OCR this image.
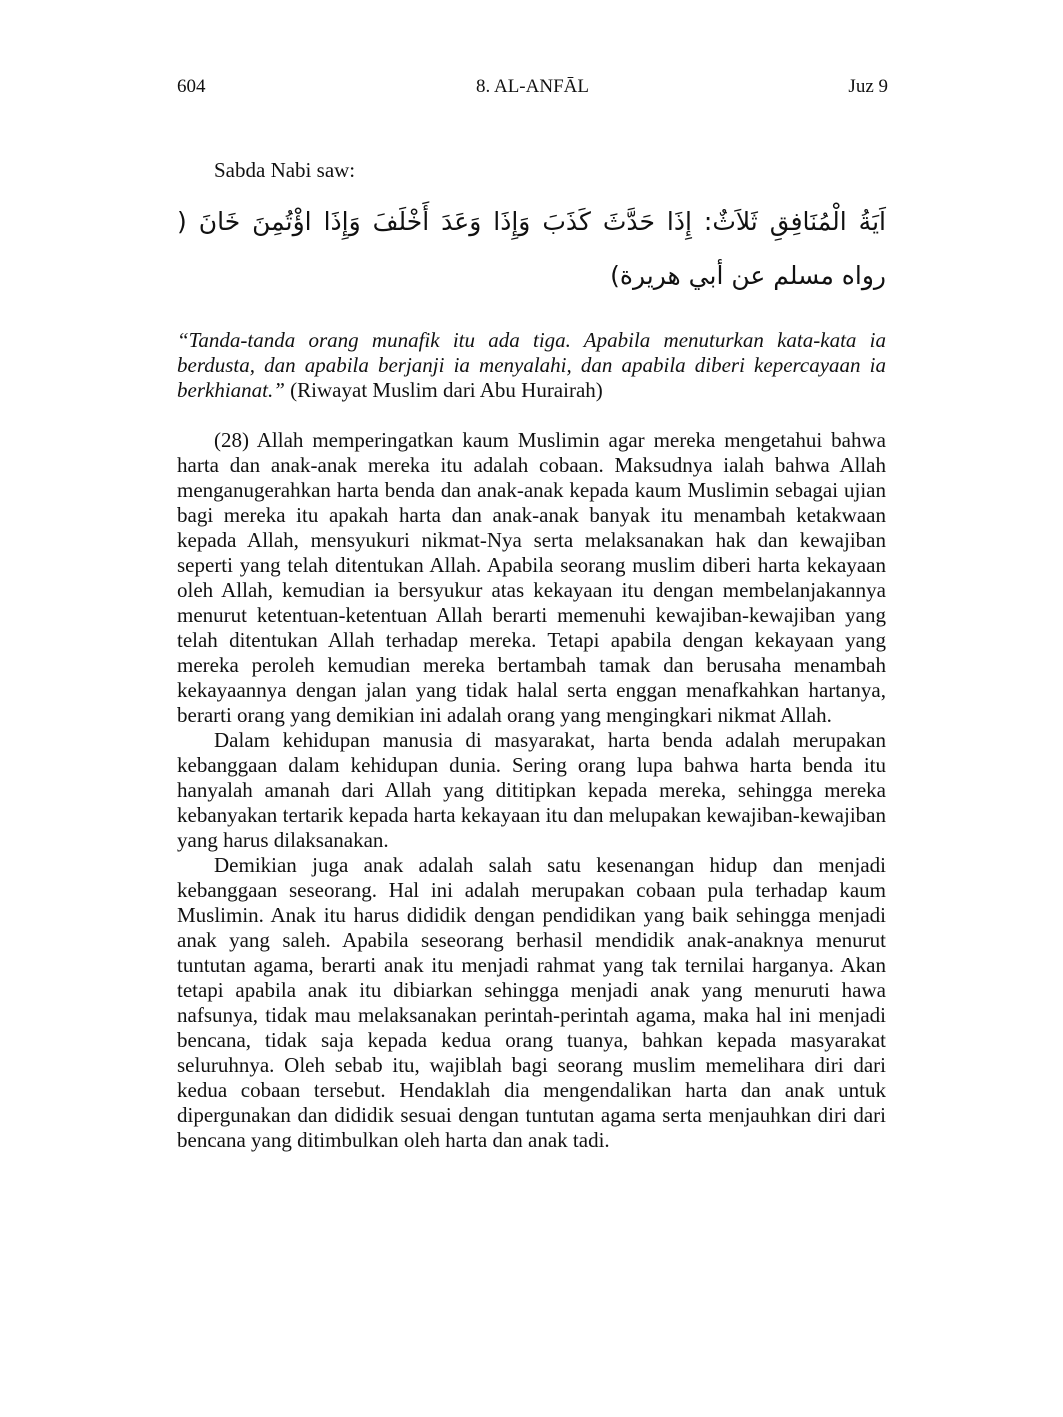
604	8. AL-ANFĀL	Juz 9

Sabda Nabi saw:

اَيَةُ الْمُنَافِقِ ثَلاَثٌ: إِذَا حَدَّثَ كَذَبَ وَإِذَا وَعَدَ أَخْلَفَ وَإِذَا اؤْتُمِنَ خَانَ ( رواه مسلم عن أبي هريرة)

“Tanda-tanda orang munafik itu ada tiga. Apabila menuturkan kata-kata ia berdusta, dan apabila berjanji ia menyalahi, dan apabila diberi kepercayaan ia berkhianat.” (Riwayat Muslim dari Abu Hurairah)

(28) Allah memperingatkan kaum Muslimin agar mereka mengetahui bahwa harta dan anak-anak mereka itu adalah cobaan. Maksudnya ialah bahwa Allah menganugerahkan harta benda dan anak-anak kepada kaum Muslimin sebagai ujian bagi mereka itu apakah harta dan anak-anak banyak itu menambah ketakwaan kepada Allah, mensyukuri nikmat-Nya serta melaksanakan hak dan kewajiban seperti yang telah ditentukan Allah. Apabila seorang muslim diberi harta kekayaan oleh Allah, kemudian ia bersyukur atas kekayaan itu dengan membelanjakannya menurut ketentuan-ketentuan Allah berarti memenuhi kewajiban-kewajiban yang telah ditentukan Allah terhadap mereka. Tetapi apabila dengan kekayaan yang mereka peroleh kemudian mereka bertambah tamak dan berusaha menambah kekayaannya dengan jalan yang tidak halal serta enggan menafkahkan hartanya, berarti orang yang demikian ini adalah orang yang mengingkari nikmat Allah.

Dalam kehidupan manusia di masyarakat, harta benda adalah merupakan kebanggaan dalam kehidupan dunia. Sering orang lupa bahwa harta benda itu hanyalah amanah dari Allah yang dititipkan kepada mereka, sehingga mereka kebanyakan tertarik kepada harta kekayaan itu dan melupakan kewajiban-kewajiban yang harus dilaksanakan.

Demikian juga anak adalah salah satu kesenangan hidup dan menjadi kebanggaan seseorang. Hal ini adalah merupakan cobaan pula terhadap kaum Muslimin. Anak itu harus dididik dengan pendidikan yang baik sehingga menjadi anak yang saleh. Apabila seseorang berhasil mendidik anak-anaknya menurut tuntutan agama, berarti anak itu menjadi rahmat yang tak ternilai harganya. Akan tetapi apabila anak itu dibiarkan sehingga menjadi anak yang menuruti hawa nafsunya, tidak mau melaksanakan perintah-perintah agama, maka hal ini menjadi bencana, tidak saja kepada kedua orang tuanya, bahkan kepada masyarakat seluruhnya. Oleh sebab itu, wajiblah bagi seorang muslim memelihara diri dari kedua cobaan tersebut. Hendaklah dia mengendalikan harta dan anak untuk dipergunakan dan dididik sesuai dengan tuntutan agama serta menjauhkan diri dari bencana yang ditimbulkan oleh harta dan anak tadi.
